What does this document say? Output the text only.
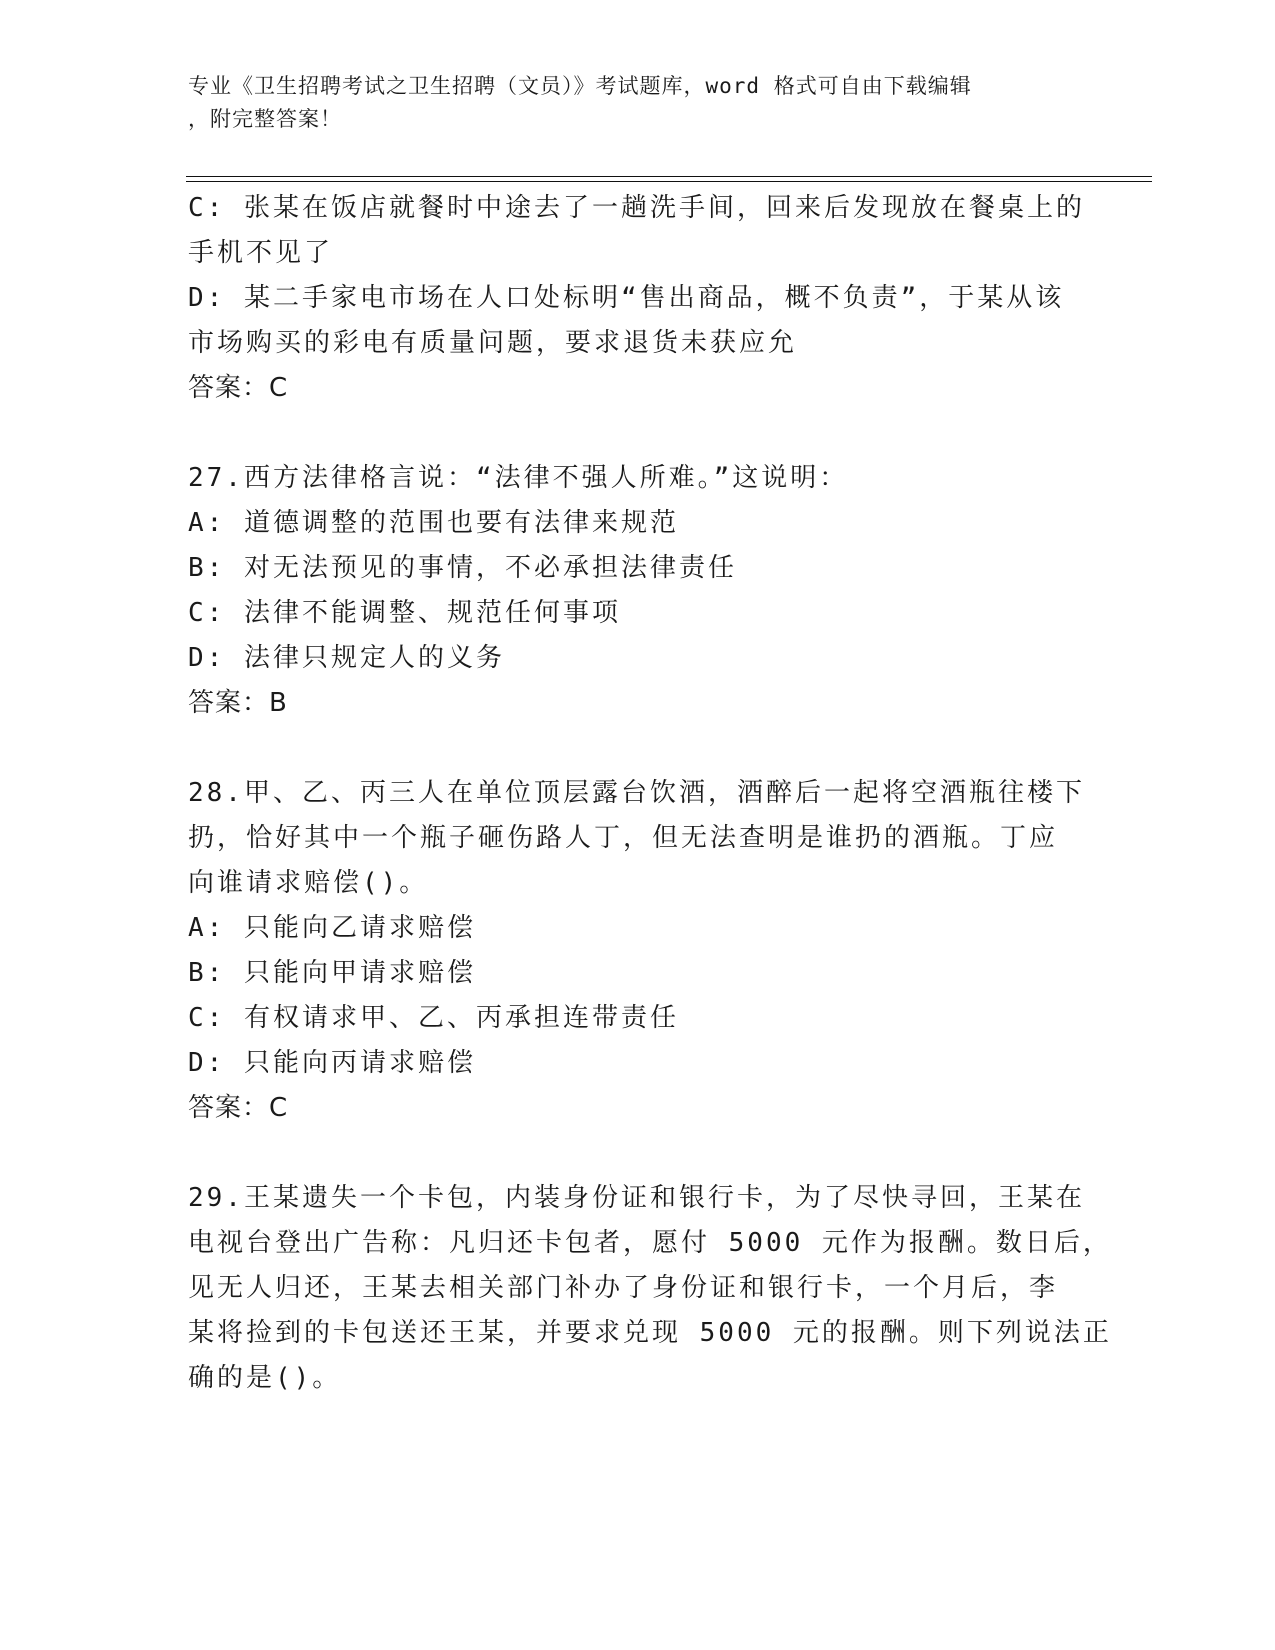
专业《卫生招聘考试之卫生招聘（文员）》考试题库，word 格式可自由下载编辑
，附完整答案！

C: 张某在饭店就餐时中途去了一趟洗手间，回来后发现放在餐桌上的

手机不见了

D: 某二手家电市场在人口处标明“售出商品，概不负责”，于某从该

市场购买的彩电有质量问题，要求退货未获应允

答案：C

27.西方法律格言说：“法律不强人所难。”这说明：

A: 道德调整的范围也要有法律来规范

B: 对无法预见的事情，不必承担法律责任

C: 法律不能调整、规范任何事项

D: 法律只规定人的义务

答案：B

28.甲、乙、丙三人在单位顶层露台饮酒，酒醉后一起将空酒瓶往楼下

扔，恰好其中一个瓶子砸伤路人丁，但无法查明是谁扔的酒瓶。丁应

向谁请求赔偿()。

A: 只能向乙请求赔偿

B: 只能向甲请求赔偿

C: 有权请求甲、乙、丙承担连带责任

D: 只能向丙请求赔偿

答案：C

29.王某遗失一个卡包，内装身份证和银行卡，为了尽快寻回，王某在

电视台登出广告称：凡归还卡包者，愿付 5000 元作为报酬。数日后，

见无人归还，王某去相关部门补办了身份证和银行卡，一个月后，李

某将捡到的卡包送还王某，并要求兑现 5000 元的报酬。则下列说法正

确的是()。
